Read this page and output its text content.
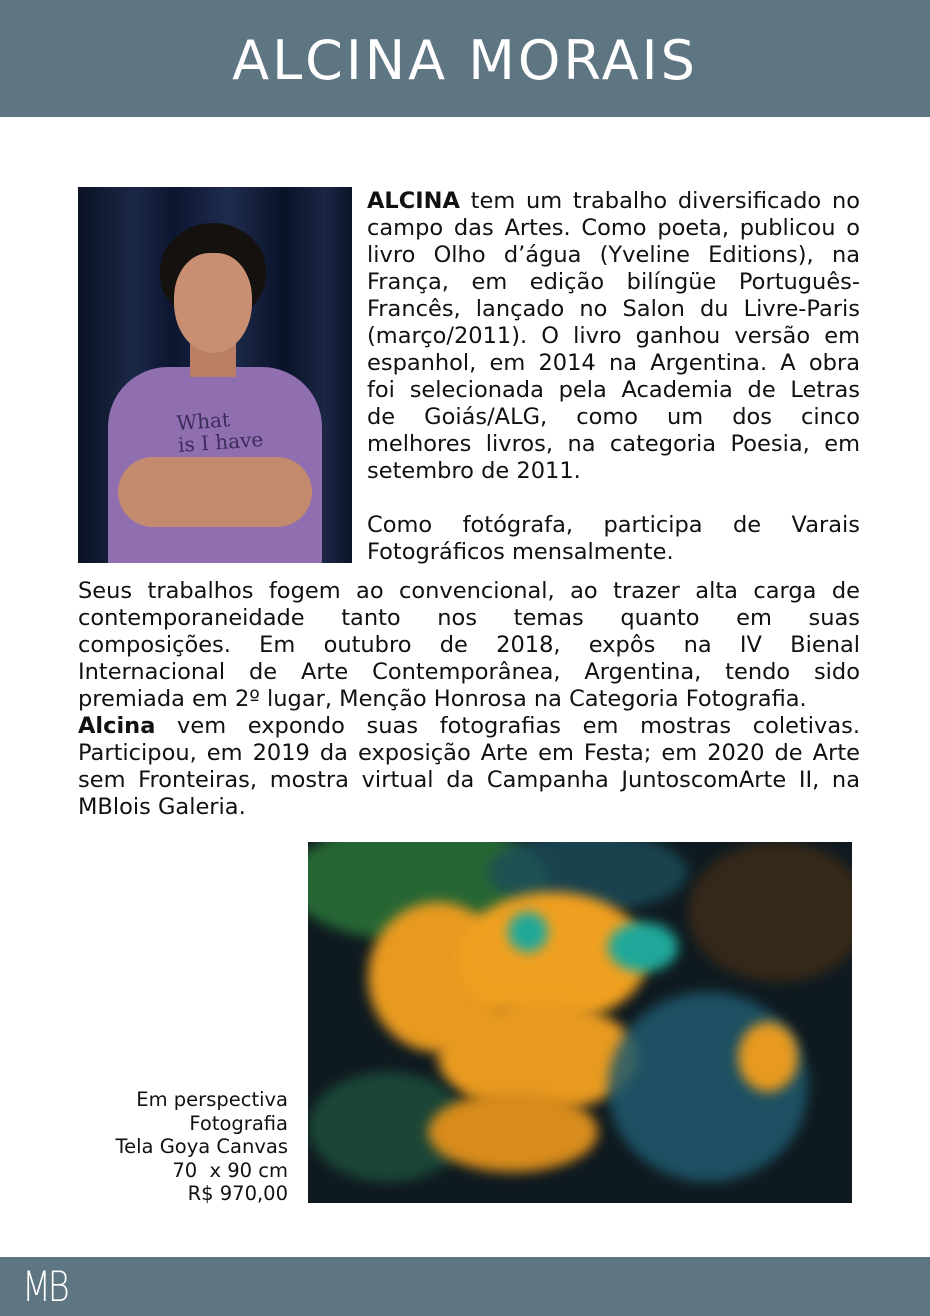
ALCINA MORAIS
What
is I have
ALCINA tem um trabalho diversificado no
campo das Artes. Como poeta, publicou o
livro Olho d’água (Yveline Editions), na
França, em edição bilíngüe Português-
Francês, lançado no Salon du Livre-Paris
(março/2011). O livro ganhou versão em
espanhol, em 2014 na Argentina. A obra
foi selecionada pela Academia de Letras
de Goiás/ALG, como um dos cinco
melhores livros, na categoria Poesia, em
setembro de 2011.
Como fotógrafa, participa de Varais
Fotográficos mensalmente.
Seus trabalhos fogem ao convencional, ao trazer alta carga de
contemporaneidade tanto nos temas quanto em suas
composições. Em outubro de 2018, expôs na IV Bienal
Internacional de Arte Contemporânea, Argentina, tendo sido
premiada em 2º lugar, Menção Honrosa na Categoria Fotografia.
Alcina vem expondo suas fotografias em mostras coletivas.
Participou, em 2019 da exposição Arte em Festa; em 2020 de Arte
sem Fronteiras, mostra virtual da Campanha JuntoscomArte II, na
MBlois Galeria.
Em perspectiva
Fotografia
Tela Goya Canvas
70  x 90 cm
R$ 970,00
MB
